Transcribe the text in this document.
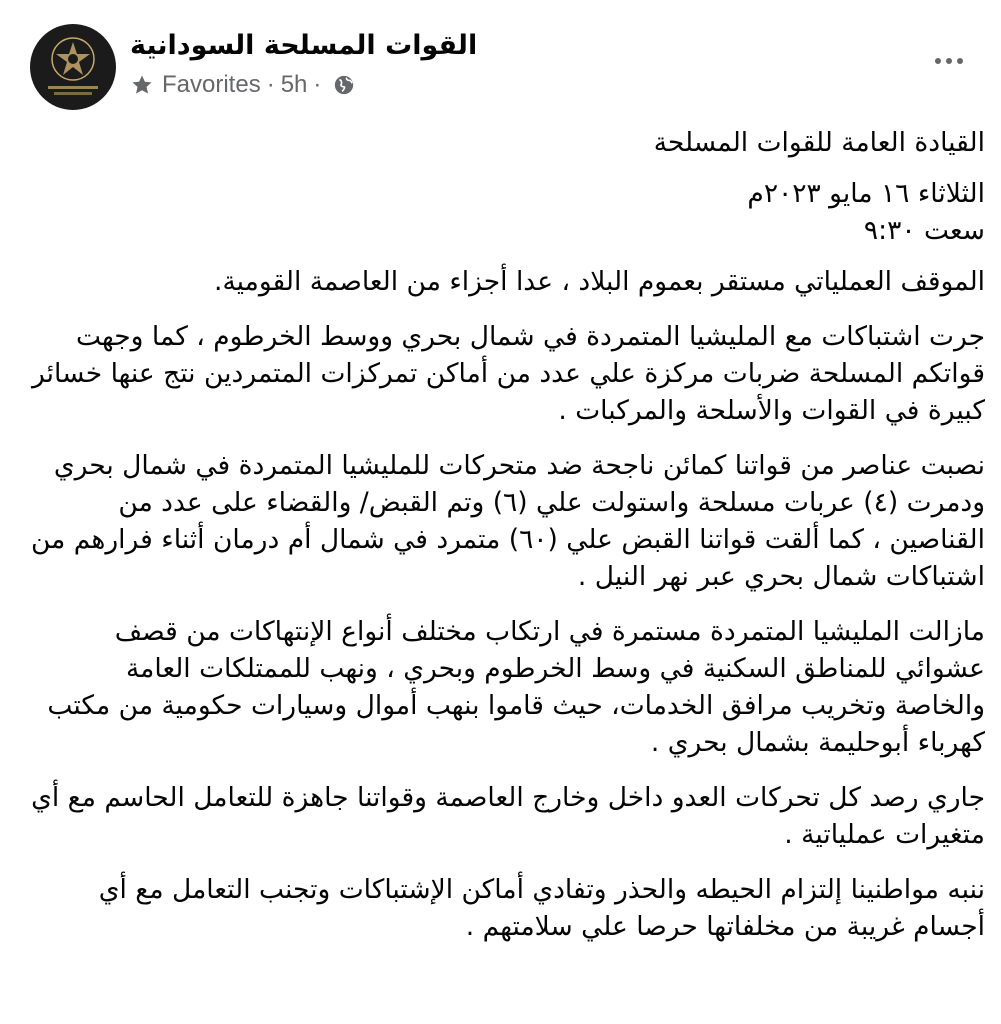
القوات المسلحة السودانية
Favorites · 5h ·

القيادة العامة للقوات المسلحة

الثلاثاء ١٦ مايو ٢٠٢٣م
سعت ٩:٣٠

الموقف العملياتي مستقر بعموم البلاد ، عدا أجزاء من العاصمة القومية.

جرت اشتباكات مع المليشيا المتمردة في شمال بحري ووسط الخرطوم ، كما وجهت قواتكم المسلحة ضربات مركزة علي عدد من أماكن تمركزات المتمردين نتج عنها خسائر كبيرة في القوات والأسلحة والمركبات .

نصبت عناصر من قواتنا كمائن ناجحة ضد متحركات للمليشيا المتمردة في شمال بحري ودمرت (٤) عربات مسلحة واستولت علي (٦) وتم القبض/ والقضاء على عدد من القناصين ، كما ألقت قواتنا القبض علي (٦٠) متمرد في شمال أم درمان أثناء فرارهم من اشتباكات شمال بحري عبر نهر النيل .

مازالت المليشيا المتمردة مستمرة في ارتكاب مختلف أنواع الإنتهاكات من قصف عشوائي للمناطق السكنية في وسط الخرطوم وبحري ، ونهب للممتلكات العامة والخاصة وتخريب مرافق الخدمات، حيث قاموا بنهب أموال وسيارات حكومية من مكتب كهرباء أبوحليمة بشمال بحري .

جاري رصد كل تحركات العدو داخل وخارج العاصمة وقواتنا جاهزة للتعامل الحاسم مع أي متغيرات عملياتية .

ننبه مواطنينا إلتزام الحيطه والحذر وتفادي أماكن الإشتباكات وتجنب التعامل مع أي أجسام غريبة من مخلفاتها حرصا علي سلامتهم .
